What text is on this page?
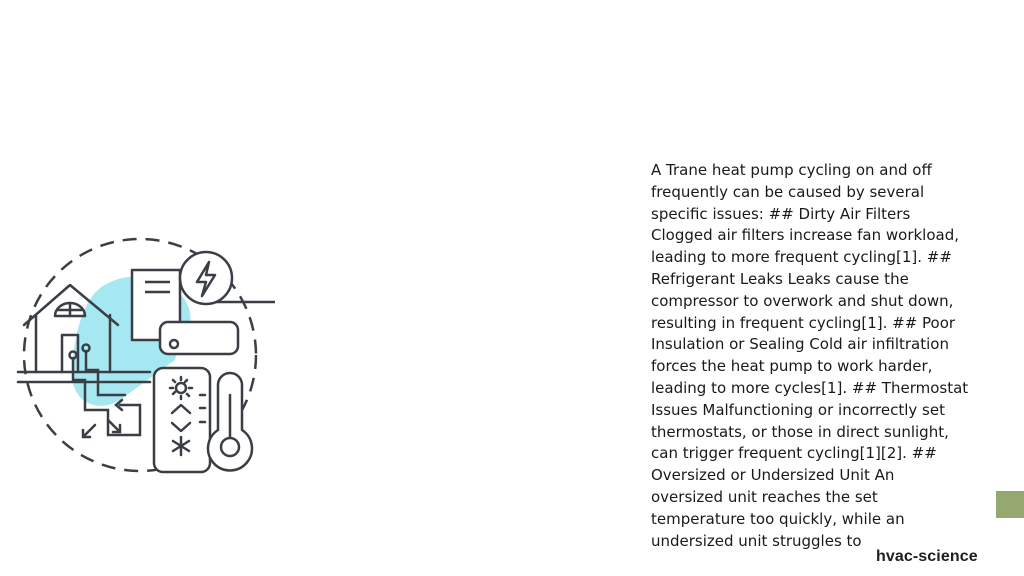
A Trane heat pump cycling on and off frequently can be caused by several specific issues: ## Dirty Air Filters Clogged air filters increase fan workload, leading to more frequent cycling[1]. ## Refrigerant Leaks Leaks cause the compressor to overwork and shut down, resulting in frequent cycling[1]. ## Poor Insulation or Sealing Cold air infiltration forces the heat pump to work harder, leading to more cycles[1]. ## Thermostat Issues Malfunctioning or incorrectly set thermostats, or those in direct sunlight, can trigger frequent cycling[1][2]. ## Oversized or Undersized Unit An oversized unit reaches the set temperature too quickly, while an undersized unit struggles to

hvac-science
